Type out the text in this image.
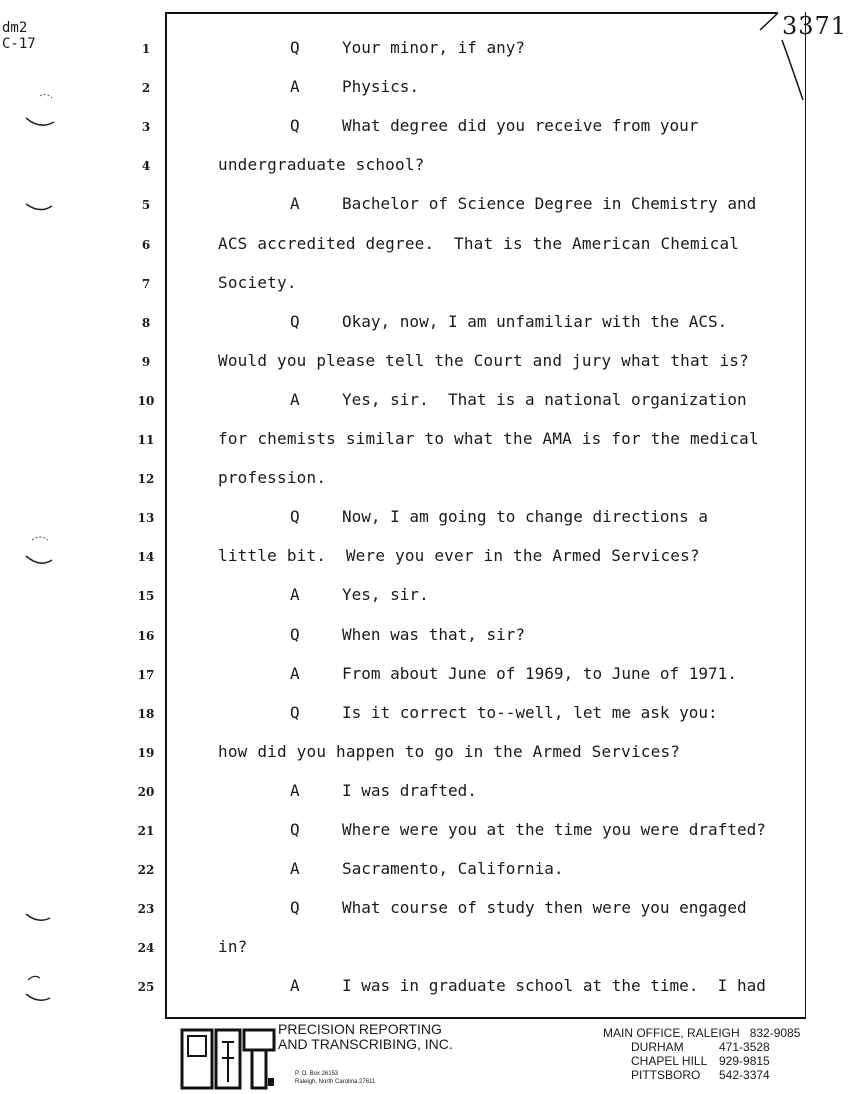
dm2
C-17
3371
1	Q	Your minor, if any?
2	A	Physics.
3	Q	What degree did you receive from your
4	undergraduate school?
5	A	Bachelor of Science Degree in Chemistry and
6	ACS accredited degree.  That is the American Chemical
7	Society.
8	Q	Okay, now, I am unfamiliar with the ACS.
9	Would you please tell the Court and jury what that is?
10	A	Yes, sir.  That is a national organization
11	for chemists similar to what the AMA is for the medical
12	profession.
13	Q	Now, I am going to change directions a
14	little bit.  Were you ever in the Armed Services?
15	A	Yes, sir.
16	Q	When was that, sir?
17	A	From about June of 1969, to June of 1971.
18	Q	Is it correct to--well, let me ask you:
19	how did you happen to go in the Armed Services?
20	A	I was drafted.
21	Q	Where were you at the time you were drafted?
22	A	Sacramento, California.
23	Q	What course of study then were you engaged
24	in?
25	A	I was in graduate school at the time.  I had
PRECISION REPORTING
AND TRANSCRIBING, INC.
P. O. Box 26153
Raleigh, North Carolina 27611
MAIN OFFICE, RALEIGH 832-9085
DURHAM	471-3528
CHAPEL HILL 929-9815
PITTSBORO	542-3374
